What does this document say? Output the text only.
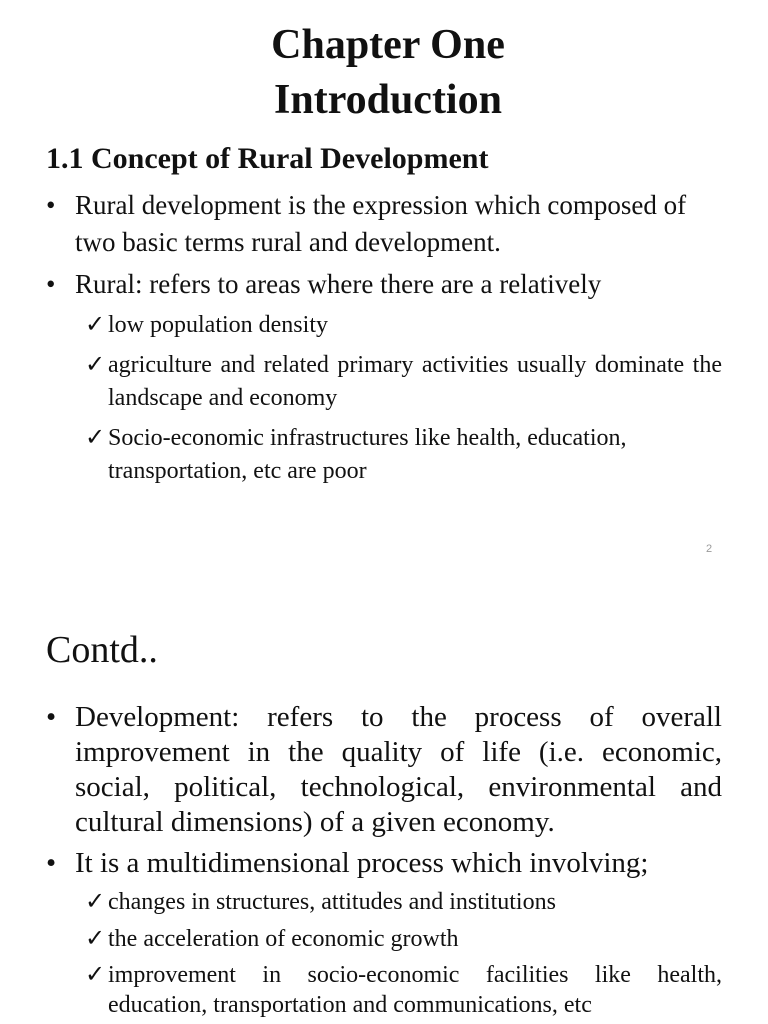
Chapter One
Introduction
1.1 Concept of Rural Development
• Rural development is the expression which composed of two basic terms rural and development.
• Rural: refers to areas where there are a relatively
✓ low population density
✓ agriculture and related primary activities usually dominate the landscape and economy
✓ Socio-economic infrastructures like health, education, transportation, etc are poor
2
Contd..
• Development: refers to the process of overall improvement in the quality of life (i.e. economic, social, political, technological, environmental and cultural dimensions) of a given economy.
• It is a multidimensional process which involving;
✓ changes in structures, attitudes and institutions
✓ the acceleration of economic growth
✓ improvement in socio-economic facilities like health, education, transportation and communications, etc
